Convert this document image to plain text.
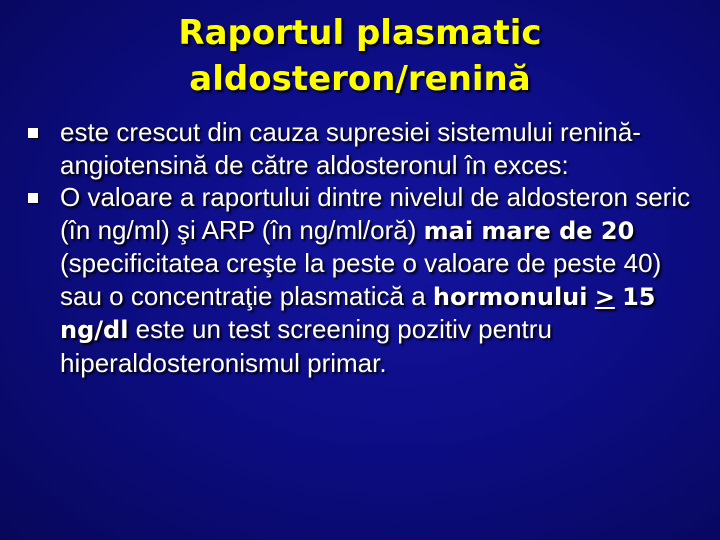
Raportul plasmatic
aldosteron/renină
este crescut din cauza supresiei sistemului renină-angiotensină de către aldosteronul în exces:
O valoare a raportului dintre nivelul de aldosteron seric (în ng/ml) şi ARP (în ng/ml/oră) mai mare de 20 (specificitatea creşte la peste o valoare de peste 40) sau o concentraţie plasmatică a hormonului ≥ 15 ng/dl este un test screening pozitiv pentru hiperaldosteronismul primar.
